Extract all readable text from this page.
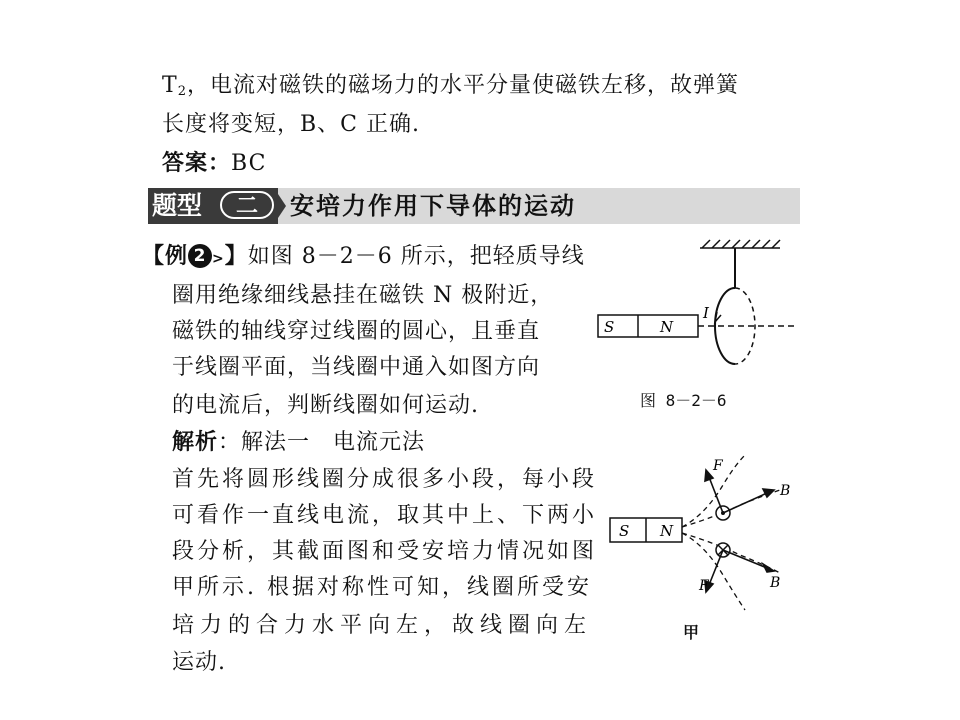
$T_2$，电流对磁铁的磁场力的水平分量使磁铁左移，故弹簧
长度将变短，B、C 正确.
答案：BC
题型	二	安培力作用下导体的运动
【例 2 >】如图 8－2－6 所示，把轻质导线
圈用绝缘细线悬挂在磁铁 N 极附近，
磁铁的轴线穿过线圈的圆心，且垂直
于线圈平面，当线圈中通入如图方向
的电流后，判断线圈如何运动.
解析：解法一　电流元法
首先将圆形线圈分成很多小段，每小段
可看作一直线电流，取其中上、下两小
段分析，其截面图和受安培力情况如图
甲所示. 根据对称性可知，线圈所受安
培力的合力水平向左，故线圈向左
运动.
S	N
I
图 8－2－6
S N
F
B
F	B
甲
